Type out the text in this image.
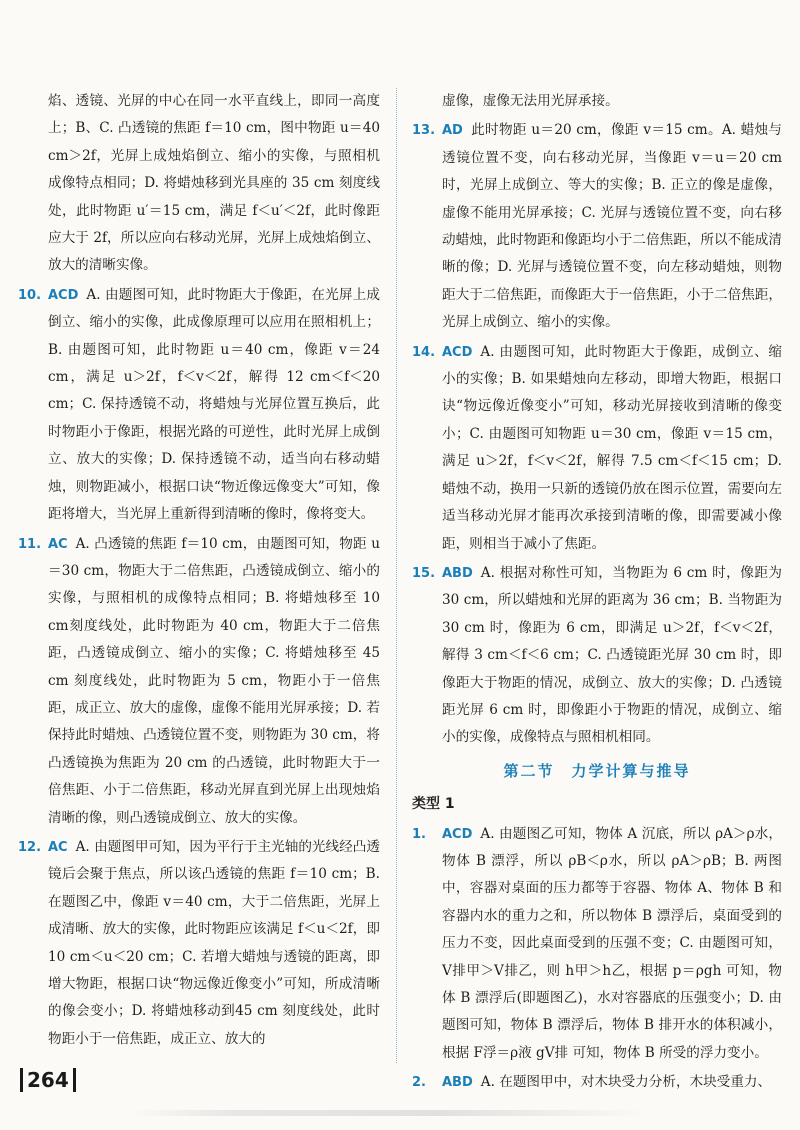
焰、透镜、光屏的中心在同一水平直线上，即同一高度上；B、C. 凸透镜的焦距 f＝10 cm，图中物距 u＝40 cm＞2f，光屏上成烛焰倒立、缩小的实像，与照相机成像特点相同；D. 将蜡烛移到光具座的 35 cm 刻度线处，此时物距 u′＝15 cm，满足 f＜u′＜2f，此时像距应大于 2f，所以应向右移动光屏，光屏上成烛焰倒立、放大的清晰实像。
10. ACD A. 由题图可知，此时物距大于像距，在光屏上成倒立、缩小的实像，此成像原理可以应用在照相机上；B. 由题图可知，此时物距 u＝40 cm，像距 v＝24 cm，满足 u＞2f，f＜v＜2f，解得 12 cm＜f＜20 cm；C. 保持透镜不动，将蜡烛与光屏位置互换后，此时物距小于像距，根据光路的可逆性，此时光屏上成倒立、放大的实像；D. 保持透镜不动，适当向右移动蜡烛，则物距减小，根据口诀“物近像远像变大”可知，像距将增大，当光屏上重新得到清晰的像时，像将变大。
11. AC A. 凸透镜的焦距 f＝10 cm，由题图可知，物距 u＝30 cm，物距大于二倍焦距，凸透镜成倒立、缩小的实像，与照相机的成像特点相同；B. 将蜡烛移至 10 cm刻度线处，此时物距为 40 cm，物距大于二倍焦距，凸透镜成倒立、缩小的实像；C. 将蜡烛移至 45 cm 刻度线处，此时物距为 5 cm，物距小于一倍焦距，成正立、放大的虚像，虚像不能用光屏承接；D. 若保持此时蜡烛、凸透镜位置不变，则物距为 30 cm，将凸透镜换为焦距为 20 cm 的凸透镜，此时物距大于一倍焦距、小于二倍焦距，移动光屏直到光屏上出现烛焰清晰的像，则凸透镜成倒立、放大的实像。
12. AC A. 由题图甲可知，因为平行于主光轴的光线经凸透镜后会聚于焦点，所以该凸透镜的焦距 f＝10 cm；B. 在题图乙中，像距 v＝40 cm，大于二倍焦距，光屏上成清晰、放大的实像，此时物距应该满足 f＜u＜2f，即 10 cm＜u＜20 cm；C. 若增大蜡烛与透镜的距离，即增大物距，根据口诀“物远像近像变小”可知，所成清晰的像会变小；D. 将蜡烛移动到45 cm 刻度线处，此时物距小于一倍焦距，成正立、放大的
虚像，虚像无法用光屏承接。
13. AD 此时物距 u＝20 cm，像距 v＝15 cm。A. 蜡烛与透镜位置不变，向右移动光屏，当像距 v＝u＝20 cm 时，光屏上成倒立、等大的实像；B. 正立的像是虚像，虚像不能用光屏承接；C. 光屏与透镜位置不变，向右移动蜡烛，此时物距和像距均小于二倍焦距，所以不能成清晰的像；D. 光屏与透镜位置不变，向左移动蜡烛，则物距大于二倍焦距，而像距大于一倍焦距，小于二倍焦距，光屏上成倒立、缩小的实像。
14. ACD A. 由题图可知，此时物距大于像距，成倒立、缩小的实像；B. 如果蜡烛向左移动，即增大物距，根据口诀“物远像近像变小”可知，移动光屏接收到清晰的像变小；C. 由题图可知物距 u＝30 cm，像距 v＝15 cm，满足 u＞2f，f＜v＜2f，解得 7.5 cm＜f＜15 cm；D. 蜡烛不动，换用一只新的透镜仍放在图示位置，需要向左适当移动光屏才能再次承接到清晰的像，即需要减小像距，则相当于减小了焦距。
15. ABD A. 根据对称性可知，当物距为 6 cm 时，像距为 30 cm，所以蜡烛和光屏的距离为 36 cm；B. 当物距为 30 cm 时，像距为 6 cm，即满足 u＞2f，f＜v＜2f，解得 3 cm＜f＜6 cm；C. 凸透镜距光屏 30 cm 时，即像距大于物距的情况，成倒立、放大的实像；D. 凸透镜距光屏 6 cm 时，即像距小于物距的情况，成倒立、缩小的实像，成像特点与照相机相同。
第二节　力学计算与推导
类型 1
1.	ACD A. 由题图乙可知，物体 A 沉底，所以 ρA＞ρ水，物体 B 漂浮，所以 ρB＜ρ水，所以 ρA＞ρB；B. 两图中，容器对桌面的压力都等于容器、物体 A、物体 B 和容器内水的重力之和，所以物体 B 漂浮后，桌面受到的压力不变，因此桌面受到的压强不变；C. 由题图可知，V排甲＞V排乙，则 h甲＞h乙，根据 p＝ρgh 可知，物体 B 漂浮后(即题图乙)，水对容器底的压强变小；D. 由题图可知，物体 B 漂浮后，物体 B 排开水的体积减小，根据 F浮＝ρ液 gV排 可知，物体 B 所受的浮力变小。
2.	ABD A. 在题图甲中，对木块受力分析，木块受重力、
264
